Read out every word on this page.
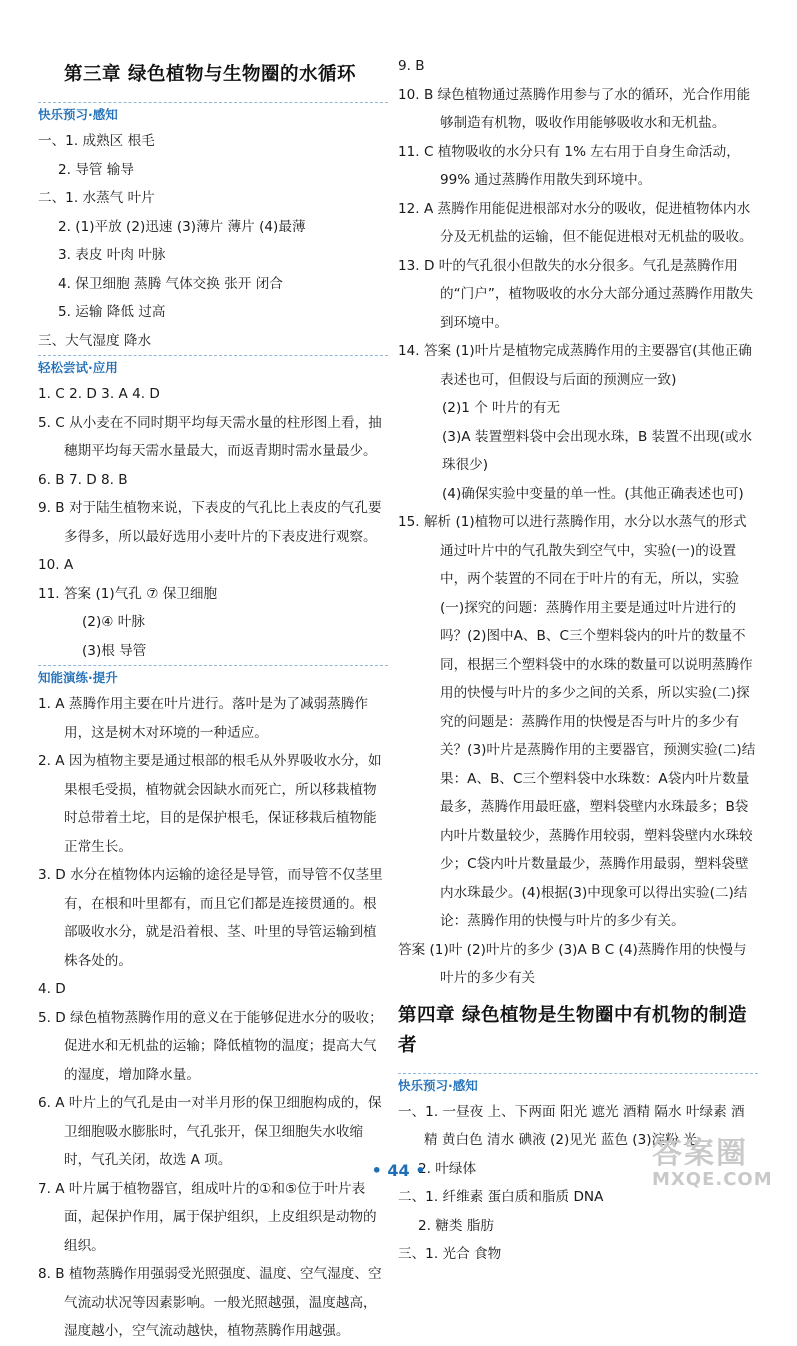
第三章 绿色植物与生物圈的水循环
快乐预习·感知
一、1. 成熟区 根毛
2. 导管 输导
二、1. 水蒸气 叶片
2. (1)平放 (2)迅速 (3)薄片 薄片 (4)最薄
3. 表皮 叶肉 叶脉
4. 保卫细胞 蒸腾 气体交换 张开 闭合
5. 运输 降低 过高
三、大气湿度 降水
轻松尝试·应用
1. C 2. D 3. A 4. D
5. C 从小麦在不同时期平均每天需水量的柱形图上看，抽穗期平均每天需水量最大，而返青期时需水量最少。
6. B 7. D 8. B
9. B 对于陆生植物来说，下表皮的气孔比上表皮的气孔要多得多，所以最好选用小麦叶片的下表皮进行观察。
10. A
11. 答案 (1)气孔 ⑦ 保卫细胞
(2)④ 叶脉
(3)根 导管
知能演练·提升
1. A 蒸腾作用主要在叶片进行。落叶是为了减弱蒸腾作用，这是树木对环境的一种适应。
2. A 因为植物主要是通过根部的根毛从外界吸收水分，如果根毛受损，植物就会因缺水而死亡，所以移栽植物时总带着土坨，目的是保护根毛，保证移栽后植物能正常生长。
3. D 水分在植物体内运输的途径是导管，而导管不仅茎里有，在根和叶里都有，而且它们都是连接贯通的。根部吸收水分，就是沿着根、茎、叶里的导管运输到植株各处的。
4. D
5. D 绿色植物蒸腾作用的意义在于能够促进水分的吸收；促进水和无机盐的运输；降低植物的温度；提高大气的湿度，增加降水量。
6. A 叶片上的气孔是由一对半月形的保卫细胞构成的，保卫细胞吸水膨胀时，气孔张开，保卫细胞失水收缩时，气孔关闭，故选 A 项。
7. A 叶片属于植物器官，组成叶片的①和⑤位于叶片表面，起保护作用，属于保护组织，上皮组织是动物的组织。
8. B 植物蒸腾作用强弱受光照强度、温度、空气湿度、空气流动状况等因素影响。一般光照越强，温度越高，湿度越小，空气流动越快，植物蒸腾作用越强。
9. B
10. B 绿色植物通过蒸腾作用参与了水的循环，光合作用能够制造有机物，吸收作用能够吸收水和无机盐。
11. C 植物吸收的水分只有 1% 左右用于自身生命活动，99% 通过蒸腾作用散失到环境中。
12. A 蒸腾作用能促进根部对水分的吸收，促进植物体内水分及无机盐的运输，但不能促进根对无机盐的吸收。
13. D 叶的气孔很小但散失的水分很多。气孔是蒸腾作用的“门户”，植物吸收的水分大部分通过蒸腾作用散失到环境中。
14. 答案 (1)叶片是植物完成蒸腾作用的主要器官(其他正确表述也可，但假设与后面的预测应一致)
(2)1 个 叶片的有无
(3)A 装置塑料袋中会出现水珠，B 装置不出现(或水珠很少)
(4)确保实验中变量的单一性。(其他正确表述也可)
15. 解析 (1)植物可以进行蒸腾作用，水分以水蒸气的形式通过叶片中的气孔散失到空气中，实验(一)的设置中，两个装置的不同在于叶片的有无，所以，实验(一)探究的问题：蒸腾作用主要是通过叶片进行的吗？(2)图中A、B、C三个塑料袋内的叶片的数量不同，根据三个塑料袋中的水珠的数量可以说明蒸腾作用的快慢与叶片的多少之间的关系，所以实验(二)探究的问题是：蒸腾作用的快慢是否与叶片的多少有关？(3)叶片是蒸腾作用的主要器官，预测实验(二)结果：A、B、C三个塑料袋中水珠数：A袋内叶片数量最多，蒸腾作用最旺盛，塑料袋壁内水珠最多；B袋内叶片数量较少，蒸腾作用较弱，塑料袋壁内水珠较少；C袋内叶片数量最少，蒸腾作用最弱，塑料袋壁内水珠最少。(4)根据(3)中现象可以得出实验(二)结论：蒸腾作用的快慢与叶片的多少有关。
答案 (1)叶 (2)叶片的多少 (3)A B C (4)蒸腾作用的快慢与叶片的多少有关
第四章 绿色植物是生物圈中有机物的制造者
快乐预习·感知
一、1. 一昼夜 上、下两面 阳光 遮光 酒精 隔水 叶绿素 酒精 黄白色 清水 碘液 (2)见光 蓝色 (3)淀粉 光
2. 叶绿体
二、1. 纤维素 蛋白质和脂质 DNA
2. 糖类 脂肪
三、1. 光合 食物
• 44 •	答案圈
MXQE.COM
